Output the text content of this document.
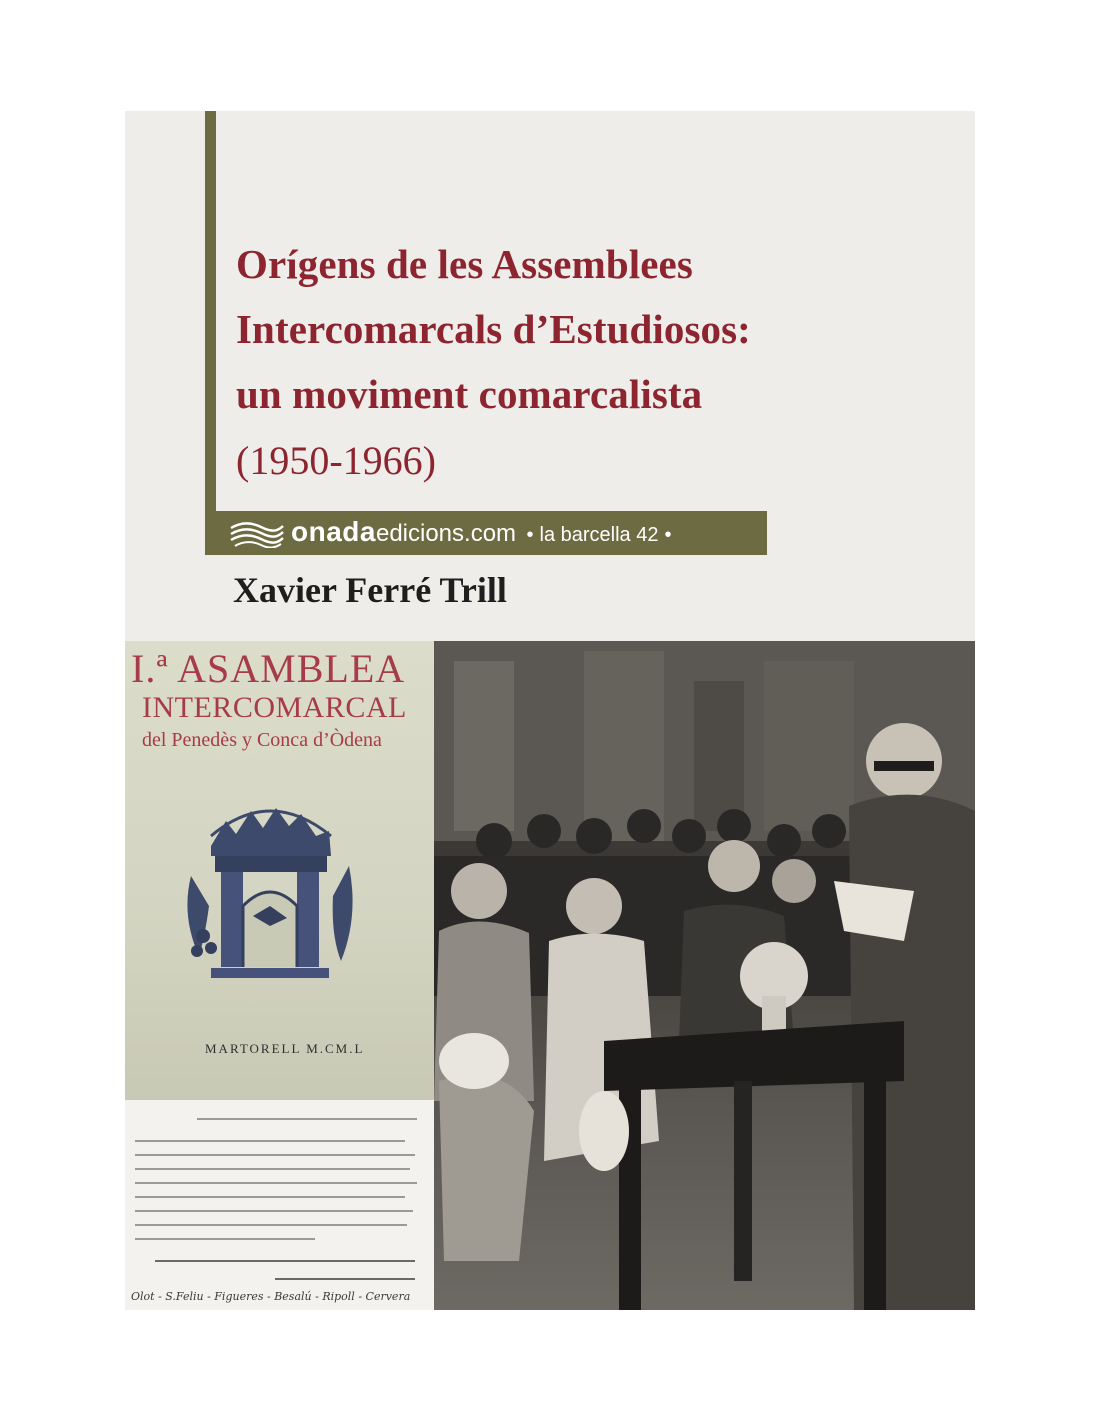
Orígens de les Assemblees
Intercomarcals d’Estudiosos:
un moviment comarcalista
(1950-1966)
onadaedicions.com • la barcella 42 •
Xavier Ferré Trill
I.ª ASAMBLEA
INTERCOMARCAL
del Penedès y Conca d’Òdena
MARTORELL M.CM.L
Olot - S.Feliu - Figueres - Besalú - Ripoll - Cervera
